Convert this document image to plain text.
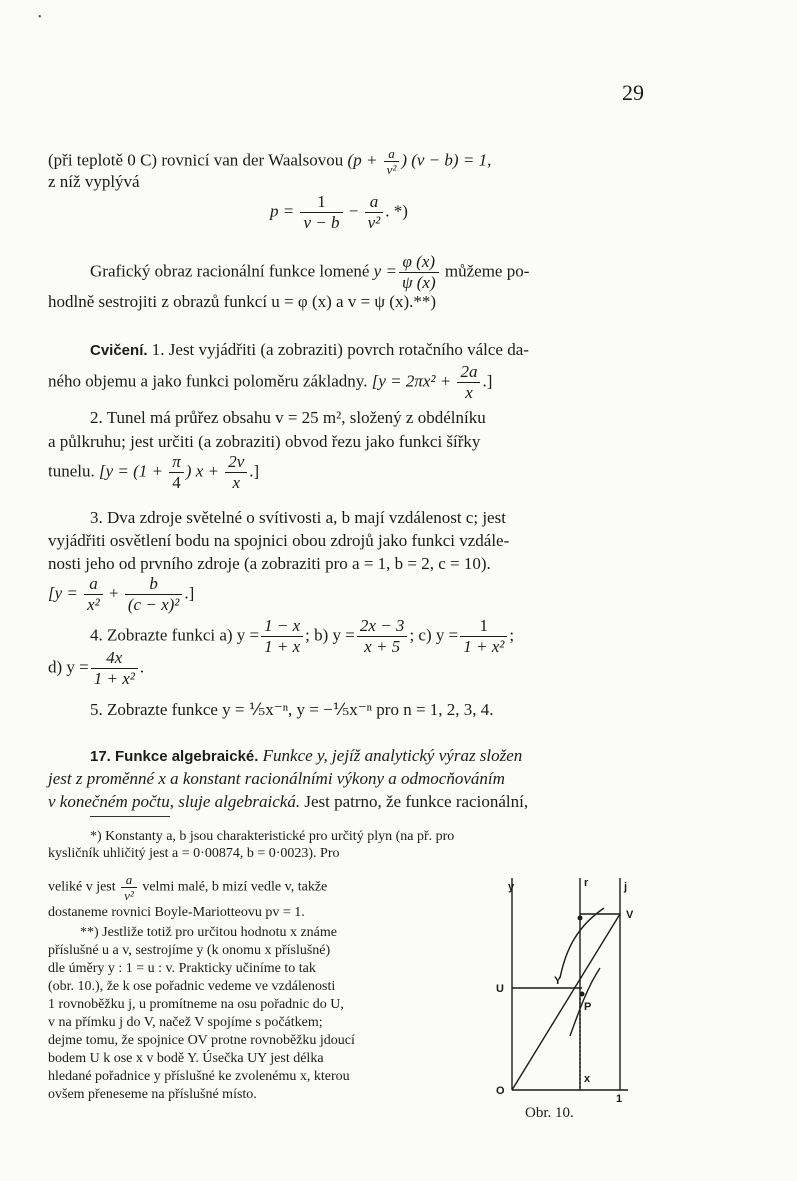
•
29

(při teplotě 0 C) rovnicí van der Waalsovou ($p + \frac{a}{\text{v²}}$ ) (v − b) = 1,

z níž vyplývá

$p = \frac{1}{v - b} - \frac{a}{\text{v²}}$ . *)

Grafický obraz racionální funkce lomené $y = \frac{\varphi (x)}{\psi (x)}$ můžeme po-

hodlně sestrojiti z obrazů funkcí u = φ (x) a v = ψ (x).**)

Cvičení. 1. Jest vyjádřiti (a zobraziti) povrch rotačního válce da-

ného objemu a jako funkci poloměru základny. [$y = 2\pi x^2 + \frac{2a}{x}$ .]

2. Tunel má průřez obsahu v = 25 m², složený z obdélníku

a půlkruhu; jest určiti (a zobraziti) obvod řezu jako funkci šířky

tunelu. [$y = (1 + \frac{\pi}{4}$ ) $x + \frac{2v}{x}$ .]

3. Dva zdroje světelné o svítivosti a, b mají vzdálenost c; jest

vyjádřiti osvětlení bodu na spojnici obou zdrojů jako funkci vzdále-

nosti jeho od prvního zdroje (a zobraziti pro a = 1, b = 2, c = 10).

[$y = \frac{a}{\text{x²}} + \frac{b}{\text{(c − x)²}}$ .]

4. Zobrazte funkci a) $y = \frac{1 - x}{1 + x}$ ; b) $y = \frac{2x - 3}{x + 5}$ ; c) $y = \frac{1}{\text{1 + x²}}$ ;

d) $y = \frac{4x}{\text{1 + x²}}$ .

5. Zobrazte funkce y = ⅕x⁻ⁿ, y = −⅕x⁻ⁿ pro n = 1, 2, 3, 4.

17. Funkce algebraické. Funkce y, jejíž analytický výraz složen

jest z proměnné x a konstant racionálními výkony a odmocňováním

v konečném počtu, sluje algebraická. Jest patrno, že funkce racionální,

*) Konstanty a, b jsou charakteristické pro určitý plyn (na př. pro

kysličník uhličitý jest a = 0·00874, b = 0·0023). Pro

veliké v jest $\frac{a}{\text{v²}}$ velmi malé, b mizí vedle v, takže

dostaneme rovnici Boyle-Mariotteovu pv = 1.

**) Jestliže totiž pro určitou hodnotu x známe

příslušné u a v, sestrojíme y (k onomu x příslušné)

dle úměry y : 1 = u : v. Prakticky učiníme to tak

(obr. 10.), že k ose pořadnic vedeme ve vzdálenosti

1 rovnoběžku j, u promítneme na osu pořadnic do U,

v na přímku j do V, načež V spojíme s počátkem;

dejme tomu, že spojnice OV protne rovnoběžku jdoucí

bodem U k ose x v bodě Y. Úsečka UY jest délka

hledané pořadnice y příslušné ke zvolenému x, kterou

ovšem přeneseme na příslušné místo.

y	r	j
V
U
Y
P
O
x
1
Obr. 10.
